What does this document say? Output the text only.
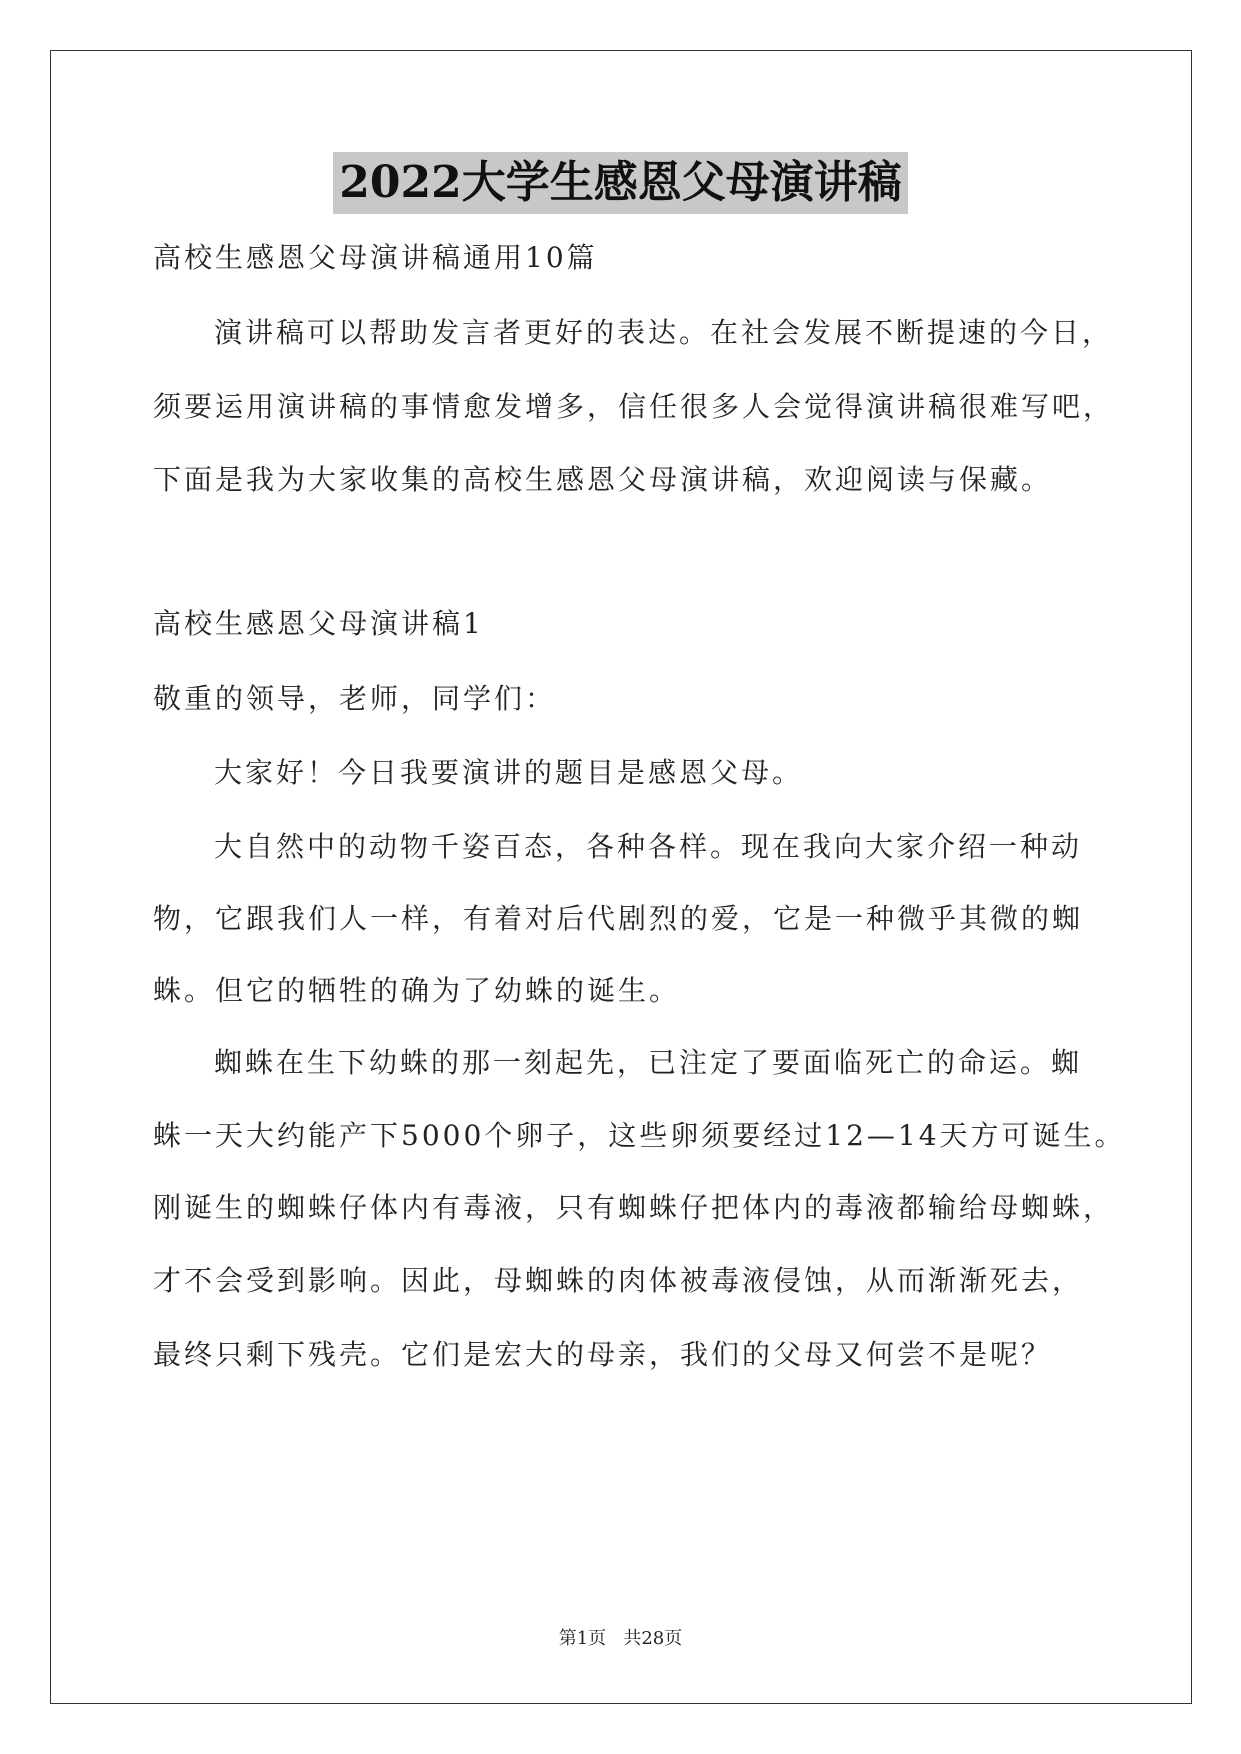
2022大学生感恩父母演讲稿
高校生感恩父母演讲稿通用10篇
演讲稿可以帮助发言者更好的表达。在社会发展不断提速的今日，
须要运用演讲稿的事情愈发增多，信任很多人会觉得演讲稿很难写吧，
下面是我为大家收集的高校生感恩父母演讲稿，欢迎阅读与保藏。
高校生感恩父母演讲稿1
敬重的领导，老师，同学们：
大家好！今日我要演讲的题目是感恩父母。
大自然中的动物千姿百态，各种各样。现在我向大家介绍一种动
物，它跟我们人一样，有着对后代剧烈的爱，它是一种微乎其微的蜘
蛛。但它的牺牲的确为了幼蛛的诞生。
蜘蛛在生下幼蛛的那一刻起先，已注定了要面临死亡的命运。蜘
蛛一天大约能产下5000个卵子，这些卵须要经过12—14天方可诞生。
刚诞生的蜘蛛仔体内有毒液，只有蜘蛛仔把体内的毒液都输给母蜘蛛，
才不会受到影响。因此，母蜘蛛的肉体被毒液侵蚀，从而渐渐死去，
最终只剩下残壳。它们是宏大的母亲，我们的父母又何尝不是呢？
第1页 共28页
